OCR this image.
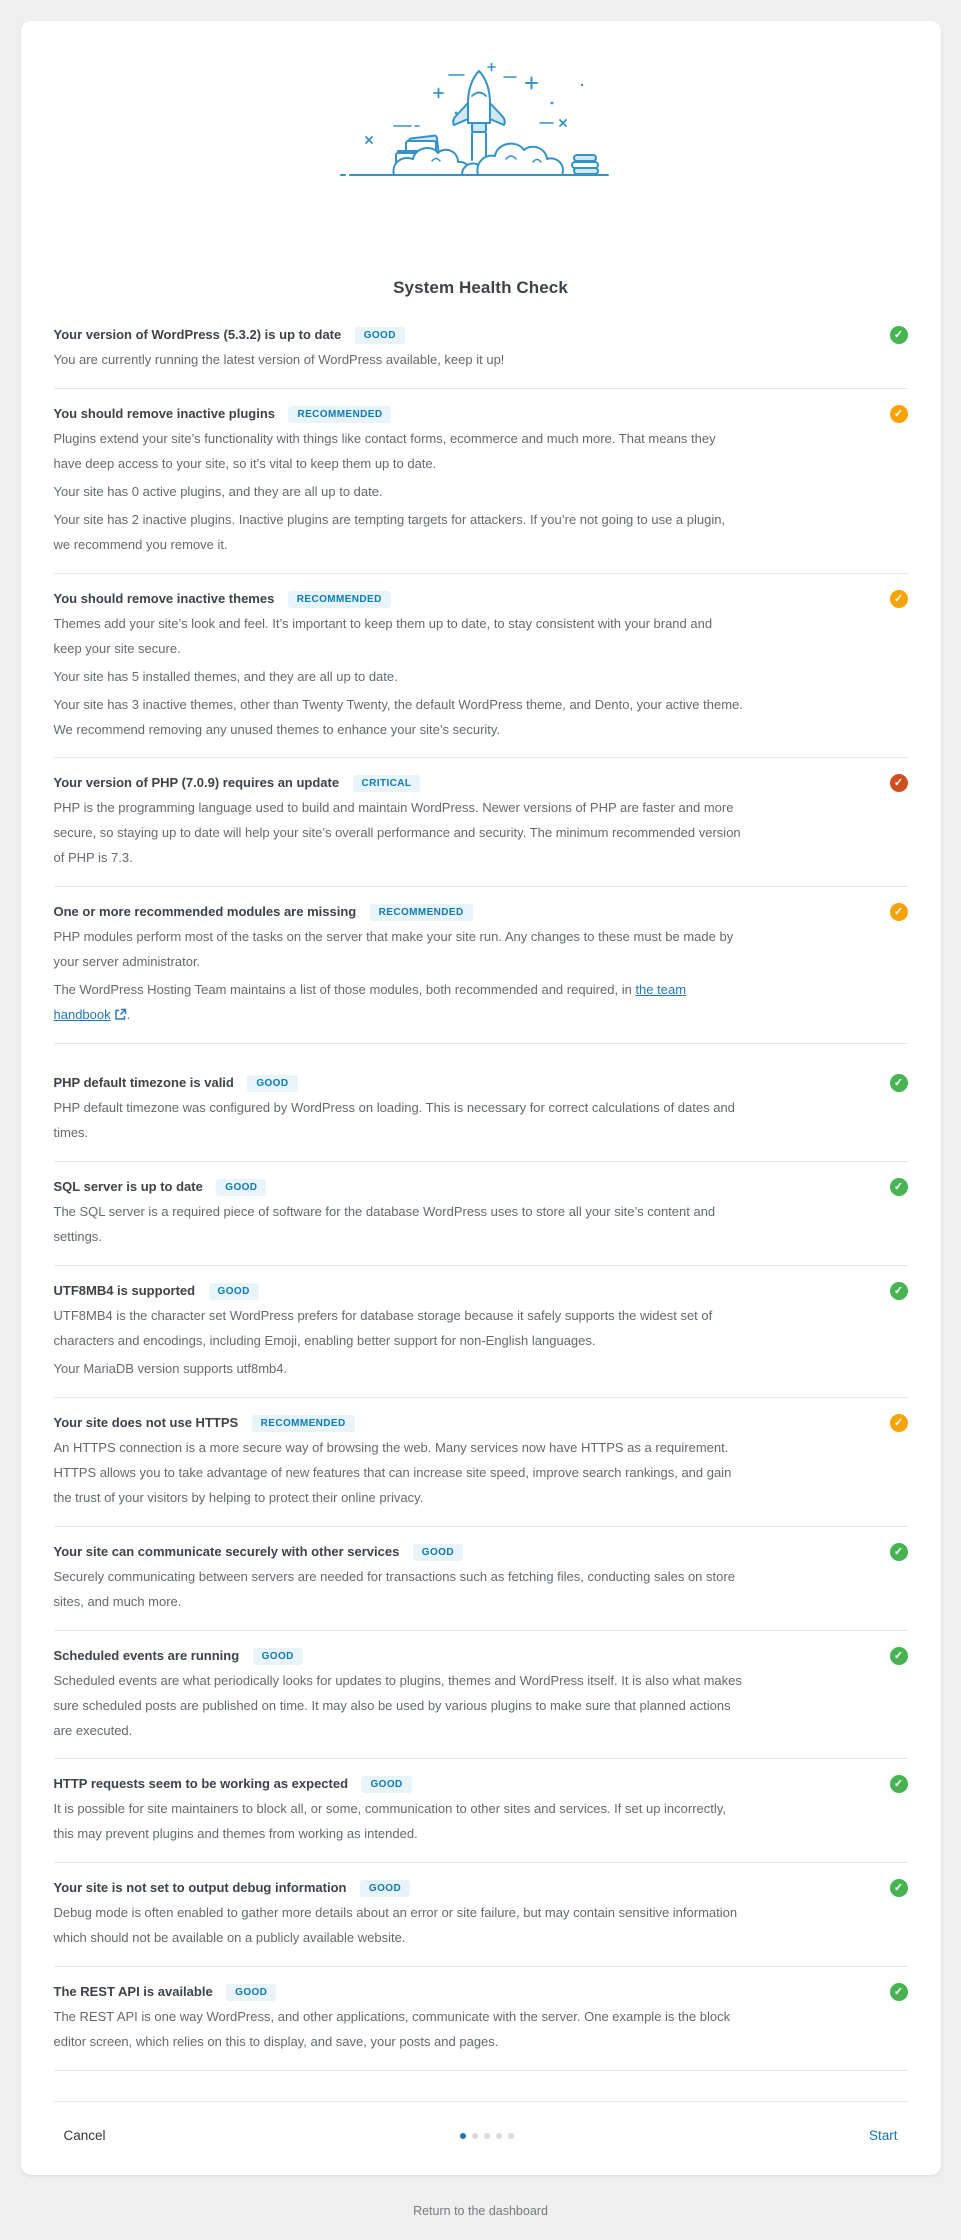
System Health Check
Your version of WordPress (5.3.2) is up to date GOOD	✓

You are currently running the latest version of WordPress available, keep it up!

You should remove inactive plugins RECOMMENDED	✓

Plugins extend your site’s functionality with things like contact forms, ecommerce and much more. That means they have deep access to your site, so it’s vital to keep them up to date.

Your site has 0 active plugins, and they are all up to date.

Your site has 2 inactive plugins. Inactive plugins are tempting targets for attackers. If you’re not going to use a plugin, we recommend you remove it.

You should remove inactive themes RECOMMENDED	✓

Themes add your site’s look and feel. It’s important to keep them up to date, to stay consistent with your brand and keep your site secure.

Your site has 5 installed themes, and they are all up to date.

Your site has 3 inactive themes, other than Twenty Twenty, the default WordPress theme, and Dento, your active theme. We recommend removing any unused themes to enhance your site’s security.

Your version of PHP (7.0.9) requires an update CRITICAL	✓

PHP is the programming language used to build and maintain WordPress. Newer versions of PHP are faster and more secure, so staying up to date will help your site’s overall performance and security. The minimum recommended version of PHP is 7.3.

One or more recommended modules are missing RECOMMENDED	✓

PHP modules perform most of the tasks on the server that make your site run. Any changes to these must be made by your server administrator.

The WordPress Hosting Team maintains a list of those modules, both recommended and required, in the team handbook .

PHP default timezone is valid GOOD	✓

PHP default timezone was configured by WordPress on loading. This is necessary for correct calculations of dates and times.

SQL server is up to date GOOD	✓

The SQL server is a required piece of software for the database WordPress uses to store all your site’s content and settings.

UTF8MB4 is supported GOOD	✓

UTF8MB4 is the character set WordPress prefers for database storage because it safely supports the widest set of characters and encodings, including Emoji, enabling better support for non-English languages.

Your MariaDB version supports utf8mb4.

Your site does not use HTTPS RECOMMENDED	✓

An HTTPS connection is a more secure way of browsing the web. Many services now have HTTPS as a requirement. HTTPS allows you to take advantage of new features that can increase site speed, improve search rankings, and gain the trust of your visitors by helping to protect their online privacy.

Your site can communicate securely with other services GOOD	✓

Securely communicating between servers are needed for transactions such as fetching files, conducting sales on store sites, and much more.

Scheduled events are running GOOD	✓

Scheduled events are what periodically looks for updates to plugins, themes and WordPress itself. It is also what makes sure scheduled posts are published on time. It may also be used by various plugins to make sure that planned actions are executed.

HTTP requests seem to be working as expected GOOD	✓

It is possible for site maintainers to block all, or some, communication to other sites and services. If set up incorrectly, this may prevent plugins and themes from working as intended.

Your site is not set to output debug information GOOD	✓

Debug mode is often enabled to gather more details about an error or site failure, but may contain sensitive information which should not be available on a publicly available website.

The REST API is available GOOD	✓

The REST API is one way WordPress, and other applications, communicate with the server. One example is the block editor screen, which relies on this to display, and save, your posts and pages.

Cancel	Start
Return to the dashboard
